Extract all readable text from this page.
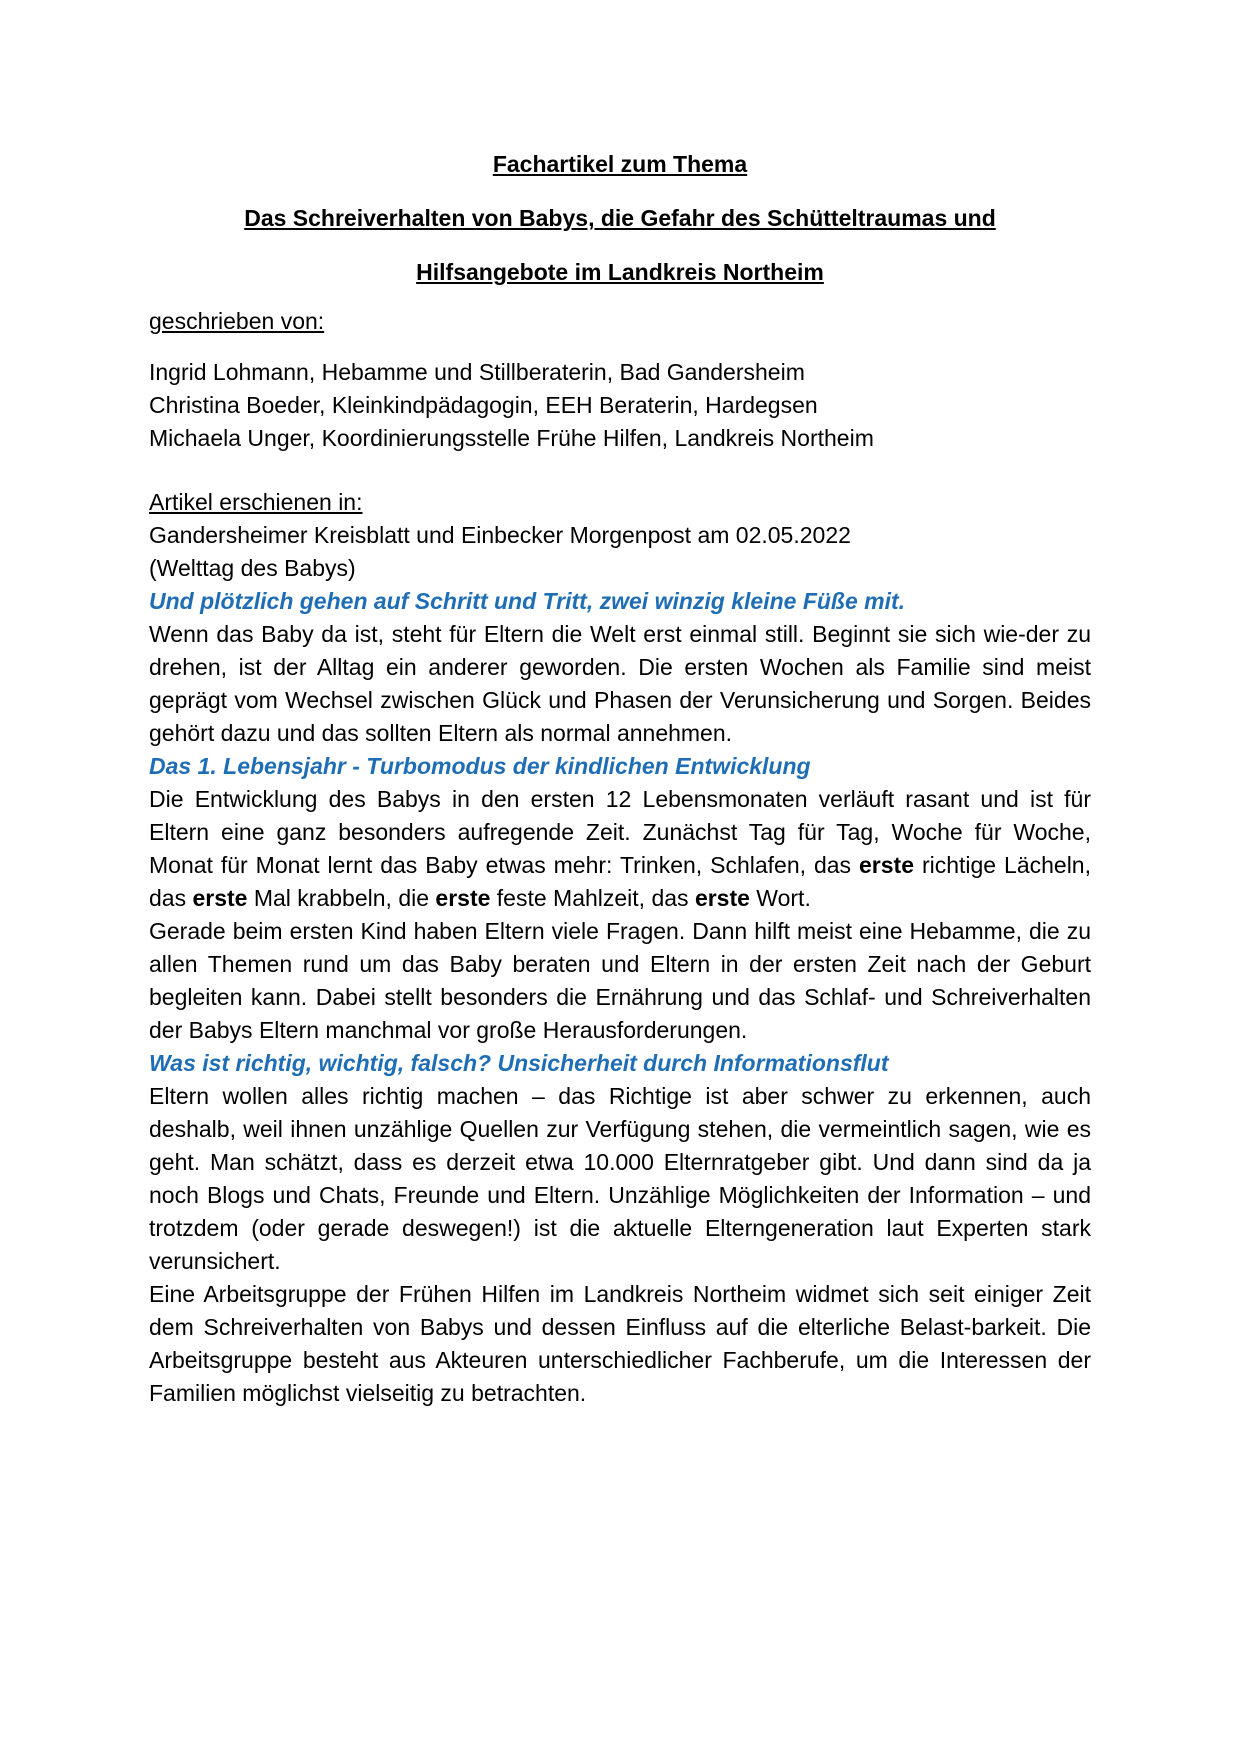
Fachartikel zum Thema
Das Schreiverhalten von Babys, die Gefahr des Schütteltraumas und
Hilfsangebote im Landkreis Northeim
geschrieben von:
Ingrid Lohmann, Hebamme und Stillberaterin, Bad Gandersheim
Christina Boeder, Kleinkindpädagogin, EEH Beraterin, Hardegsen
Michaela Unger, Koordinierungsstelle Frühe Hilfen, Landkreis Northeim
Artikel erschienen in:
Gandersheimer Kreisblatt und Einbecker Morgenpost am 02.05.2022
(Welttag des Babys)
Und plötzlich gehen auf Schritt und Tritt, zwei winzig kleine Füße mit.

Wenn das Baby da ist, steht für Eltern die Welt erst einmal still. Beginnt sie sich wie-der zu drehen, ist der Alltag ein anderer geworden. Die ersten Wochen als Familie sind meist geprägt vom Wechsel zwischen Glück und Phasen der Verunsicherung und Sorgen. Beides gehört dazu und das sollten Eltern als normal annehmen.

Das 1. Lebensjahr - Turbomodus der kindlichen Entwicklung

Die Entwicklung des Babys in den ersten 12 Lebensmonaten verläuft rasant und ist für Eltern eine ganz besonders aufregende Zeit. Zunächst Tag für Tag, Woche für Woche, Monat für Monat lernt das Baby etwas mehr: Trinken, Schlafen, das erste richtige Lächeln, das erste Mal krabbeln, die erste feste Mahlzeit, das erste Wort.

Gerade beim ersten Kind haben Eltern viele Fragen. Dann hilft meist eine Hebamme, die zu allen Themen rund um das Baby beraten und Eltern in der ersten Zeit nach der Geburt begleiten kann. Dabei stellt besonders die Ernährung und das Schlaf- und Schreiverhalten der Babys Eltern manchmal vor große Herausforderungen.

Was ist richtig, wichtig, falsch? Unsicherheit durch Informationsflut

Eltern wollen alles richtig machen – das Richtige ist aber schwer zu erkennen, auch deshalb, weil ihnen unzählige Quellen zur Verfügung stehen, die vermeintlich sagen, wie es geht. Man schätzt, dass es derzeit etwa 10.000 Elternratgeber gibt. Und dann sind da ja noch Blogs und Chats, Freunde und Eltern. Unzählige Möglichkeiten der Information – und trotzdem (oder gerade deswegen!) ist die aktuelle Elterngeneration laut Experten stark verunsichert.

Eine Arbeitsgruppe der Frühen Hilfen im Landkreis Northeim widmet sich seit einiger Zeit dem Schreiverhalten von Babys und dessen Einfluss auf die elterliche Belast-barkeit. Die Arbeitsgruppe besteht aus Akteuren unterschiedlicher Fachberufe, um die Interessen der Familien möglichst vielseitig zu betrachten.
